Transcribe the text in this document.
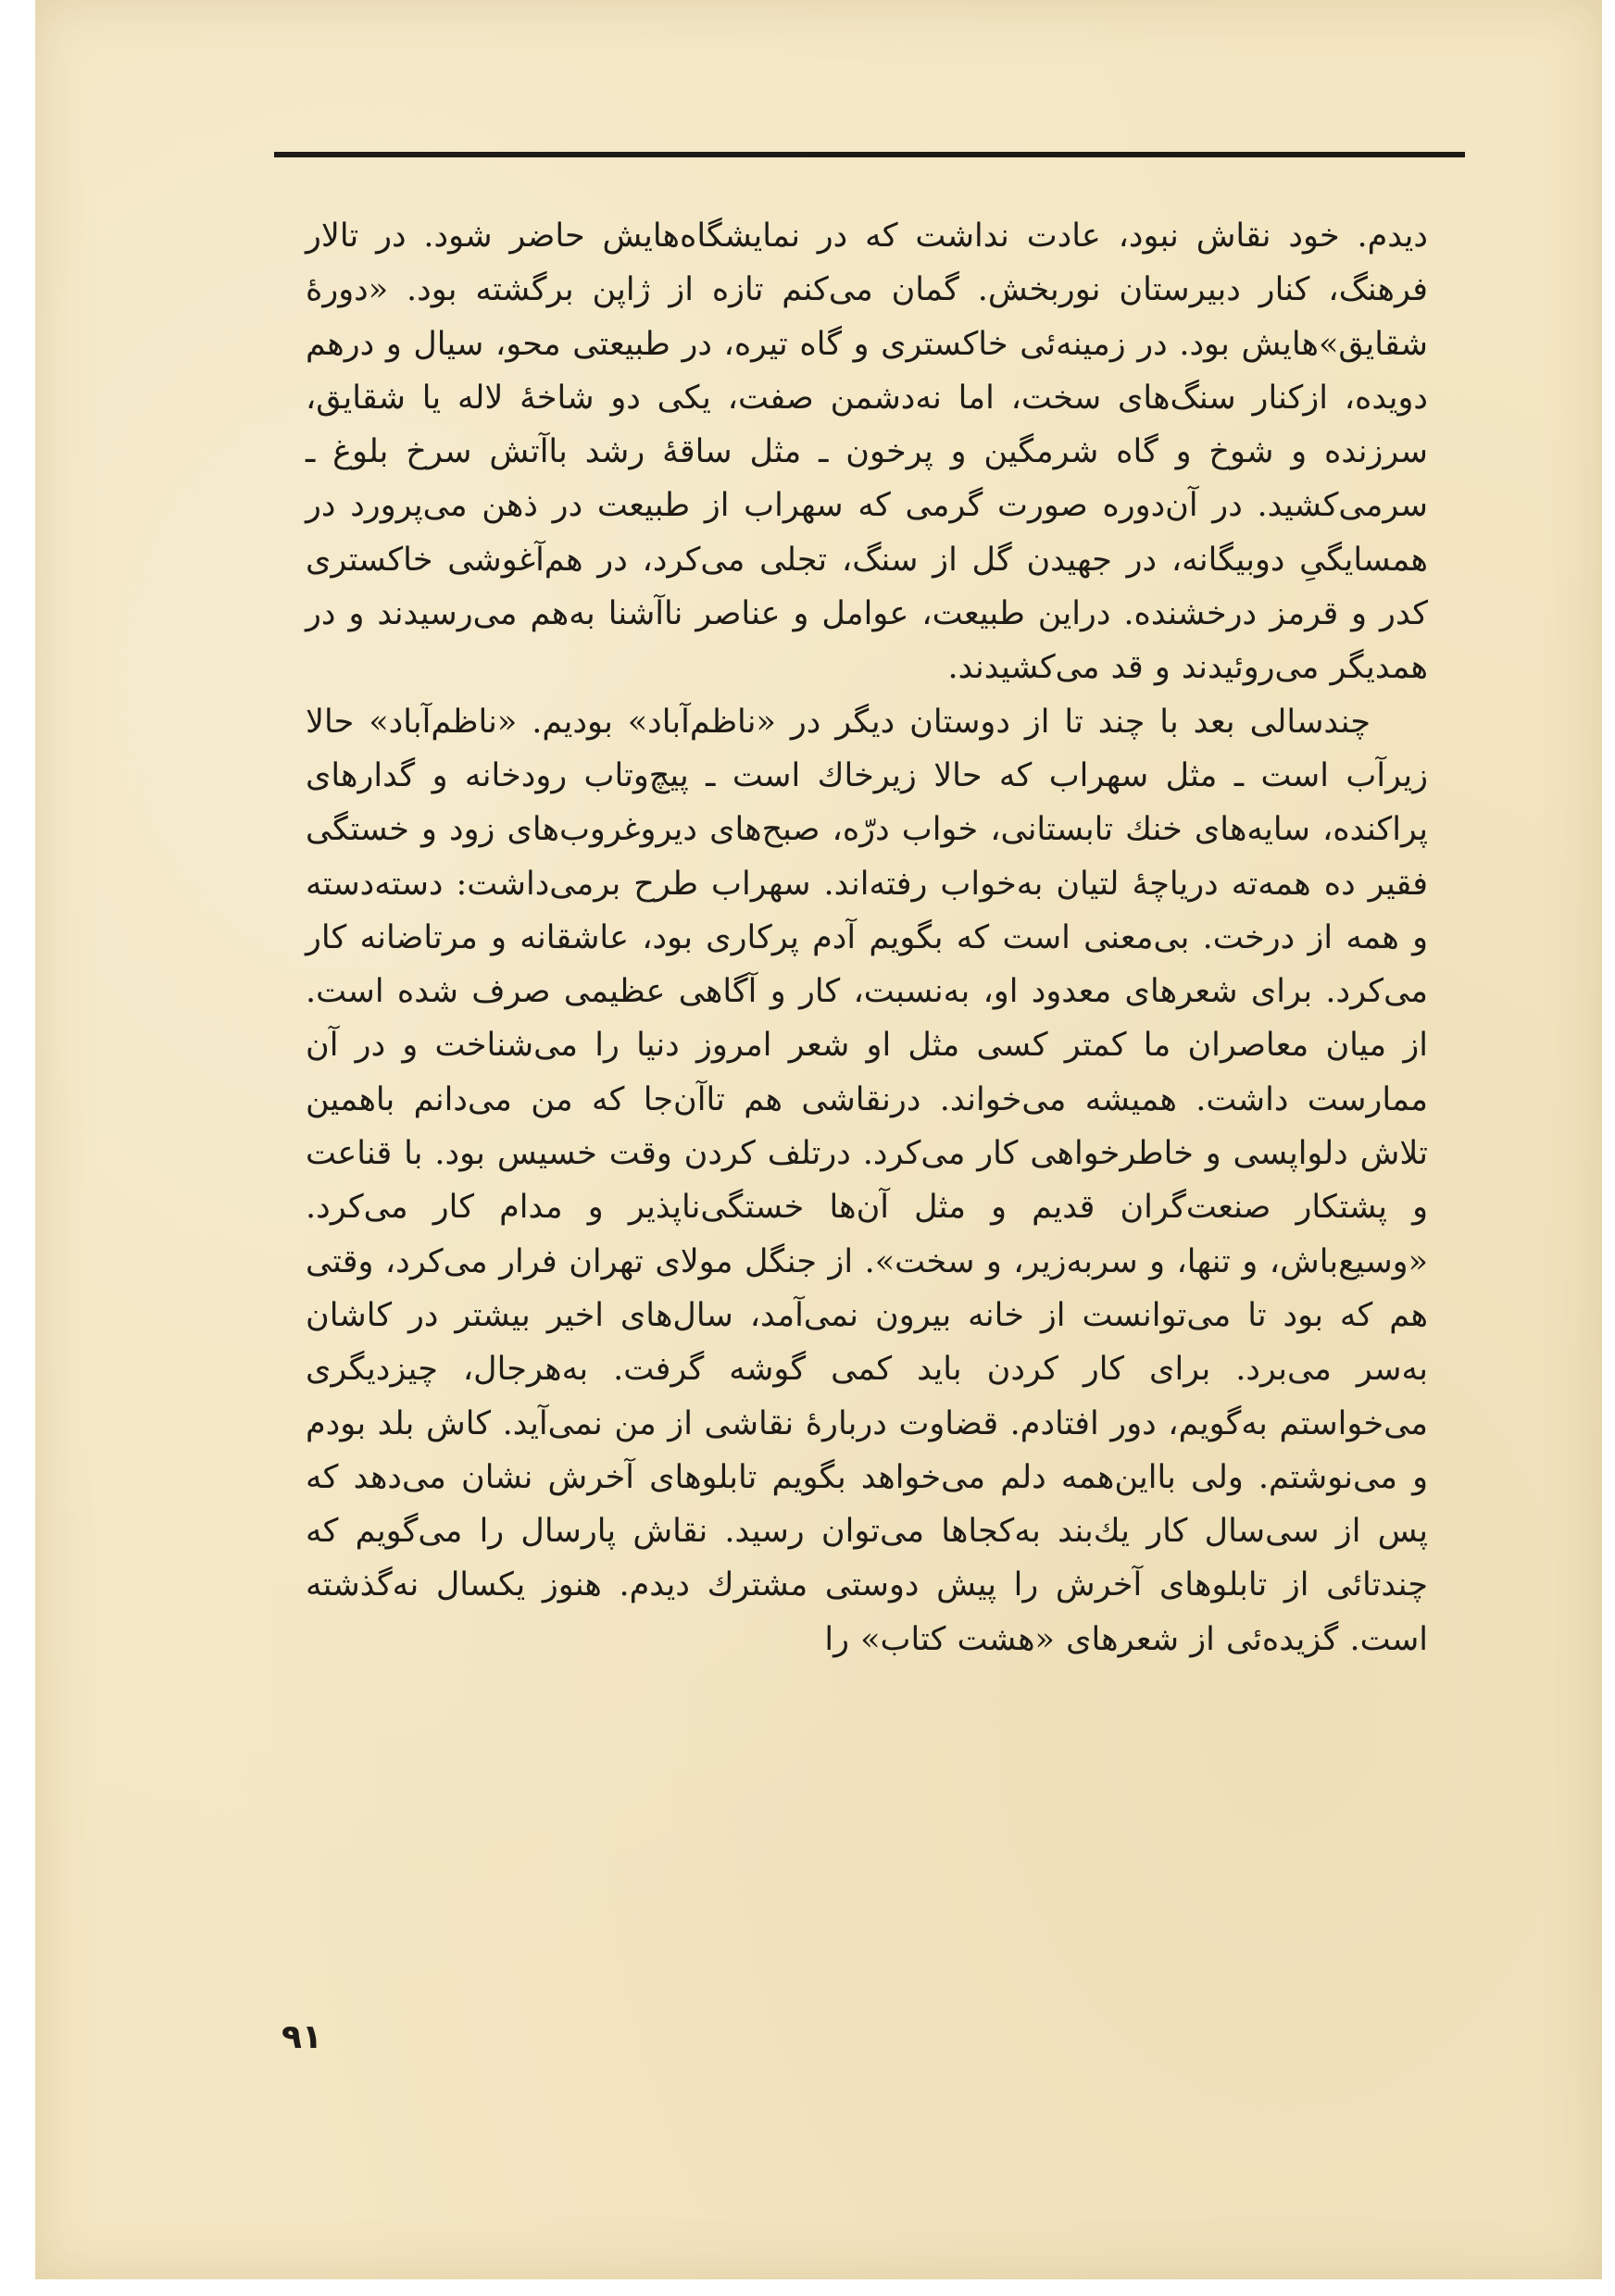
دیدم. خود نقاش نبود، عادت نداشت که در نمایشگاه‌هایش حاضر شود. در تالار فرهنگ، کنار دبیرستان نوربخش. گمان می‌کنم تازه از ژاپن برگشته بود. «دورهٔ شقایق»هایش بود. در زمینه‌ئی خاکستری و گاه تیره، در طبیعتی محو، سیال و درهم دویده، ازکنار سنگ‌های سخت، اما نه‌دشمن صفت، یکی دو شاخهٔ لاله یا شقایق، سرزنده و شوخ و گاه شرمگین و پرخون ـ مثل ساقهٔ رشد باآتش سرخ بلوغ ـ سرمی‌کشید. در آن‌دوره صورت گرمی که سهراب از طبیعت در ذهن می‌پرورد در همسایگیِ دوبیگانه، در جهیدن گل از سنگ، تجلی می‌کرد، در هم‌آغوشی خاکستری کدر و قرمز درخشنده. دراین طبیعت، عوامل و عناصر ناآشنا به‌هم می‌رسیدند و در همدیگر می‌روئیدند و قد می‌کشیدند.

چندسالی بعد با چند تا از دوستان دیگر در «ناظم‌آباد» بودیم. «ناظم‌آباد» حالا زیرآب است ـ مثل سهراب که حالا زیرخاك است ـ پیچ‌وتاب رودخانه و گدارهای پراکنده، سایه‌های خنك تابستانی، خواب درّه، صبح‌های دیروغروب‌های زود و خستگی فقیر ده همه‌ته دریاچهٔ لتیان به‌خواب رفته‌اند. سهراب طرح برمی‌داشت: دسته‌دسته و همه از درخت. بی‌معنی است که بگویم آدم پرکاری بود، عاشقانه و مرتاضانه کار می‌کرد. برای شعرهای معدود او، به‌نسبت، کار و آگاهی عظیمی صرف شده است. از میان معاصران ما کمتر کسی مثل او شعر امروز دنیا را می‌شناخت و در آن ممارست داشت. همیشه می‌خواند. درنقاشی هم تاآن‌جا که من می‌دانم باهمین تلاش دلواپسی و خاطرخواهی کار می‌کرد. درتلف کردن وقت خسیس بود. با قناعت و پشتکار صنعت‌گران قدیم و مثل آن‌ها خستگی‌ناپذیر و مدام کار می‌کرد. «وسیع‌باش، و تنها، و سربه‌زیر، و سخت». از جنگل مولای تهران فرار می‌کرد، وقتی هم که بود تا می‌توانست از خانه بیرون نمی‌آمد، سال‌های اخیر بیشتر در کاشان به‌سر می‌برد. برای کار کردن باید کمی گوشه گرفت. به‌هرجال، چیزدیگری می‌خواستم به‌گویم، دور افتادم. قضاوت دربارهٔ نقاشی از من نمی‌آید. کاش بلد بودم و می‌نوشتم. ولی بااین‌همه دلم می‌خواهد بگویم تابلوهای آخرش نشان می‌دهد که پس از سی‌سال کار یك‌بند به‌کجاها می‌توان رسید. نقاش پارسال را می‌گویم که چندتائی از تابلوهای آخرش را پیش دوستی مشترك دیدم. هنوز یکسال نه‌گذشته است. گزیده‌ئی از شعرهای «هشت کتاب» را

۹۱
